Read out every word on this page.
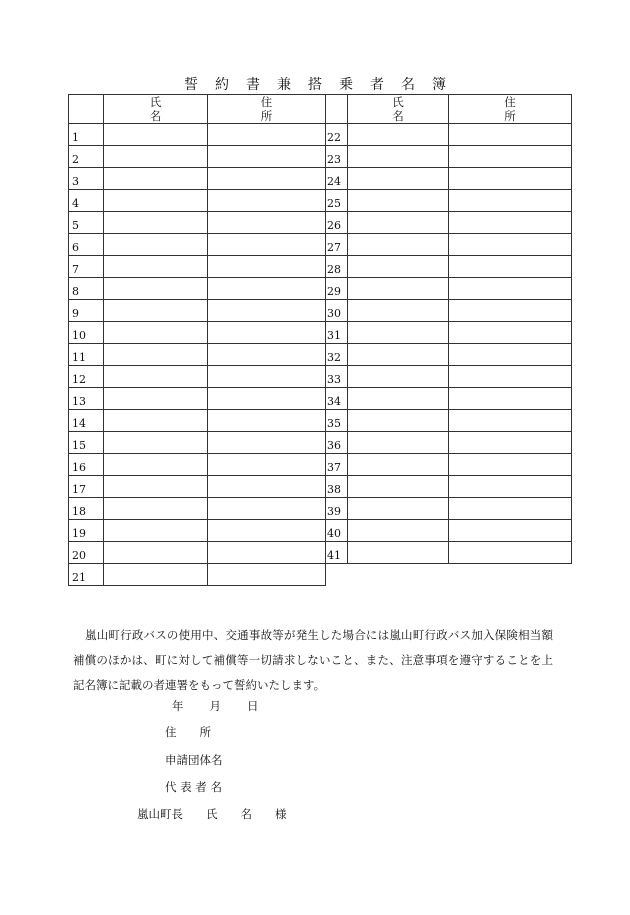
誓約書兼搭乗者名簿
	氏　名	住　所
1		
2		
3		
4		
5		
6		
7		
8		
9		
10		
11		
12		
13		
14		
15		
16		
17		
18		
19		
20		
21		
	氏　名	住　所
22		
23		
24		
25		
26		
27		
28		
29		
30		
31		
32		
33		
34		
35		
36		
37		
38		
39		
40		
41		

嵐山町行政バスの使用中、交通事故等が発生した場合には嵐山町行政バス加入保険相当額補償のほかは、町に対して補償等一切請求しないこと、また、注意事項を遵守することを上記名簿に記載の者連署をもって誓約いたします。

年 月 日
住　　所
申請団体名
代 表 者 名
嵐山町長　　氏　　名　　様
